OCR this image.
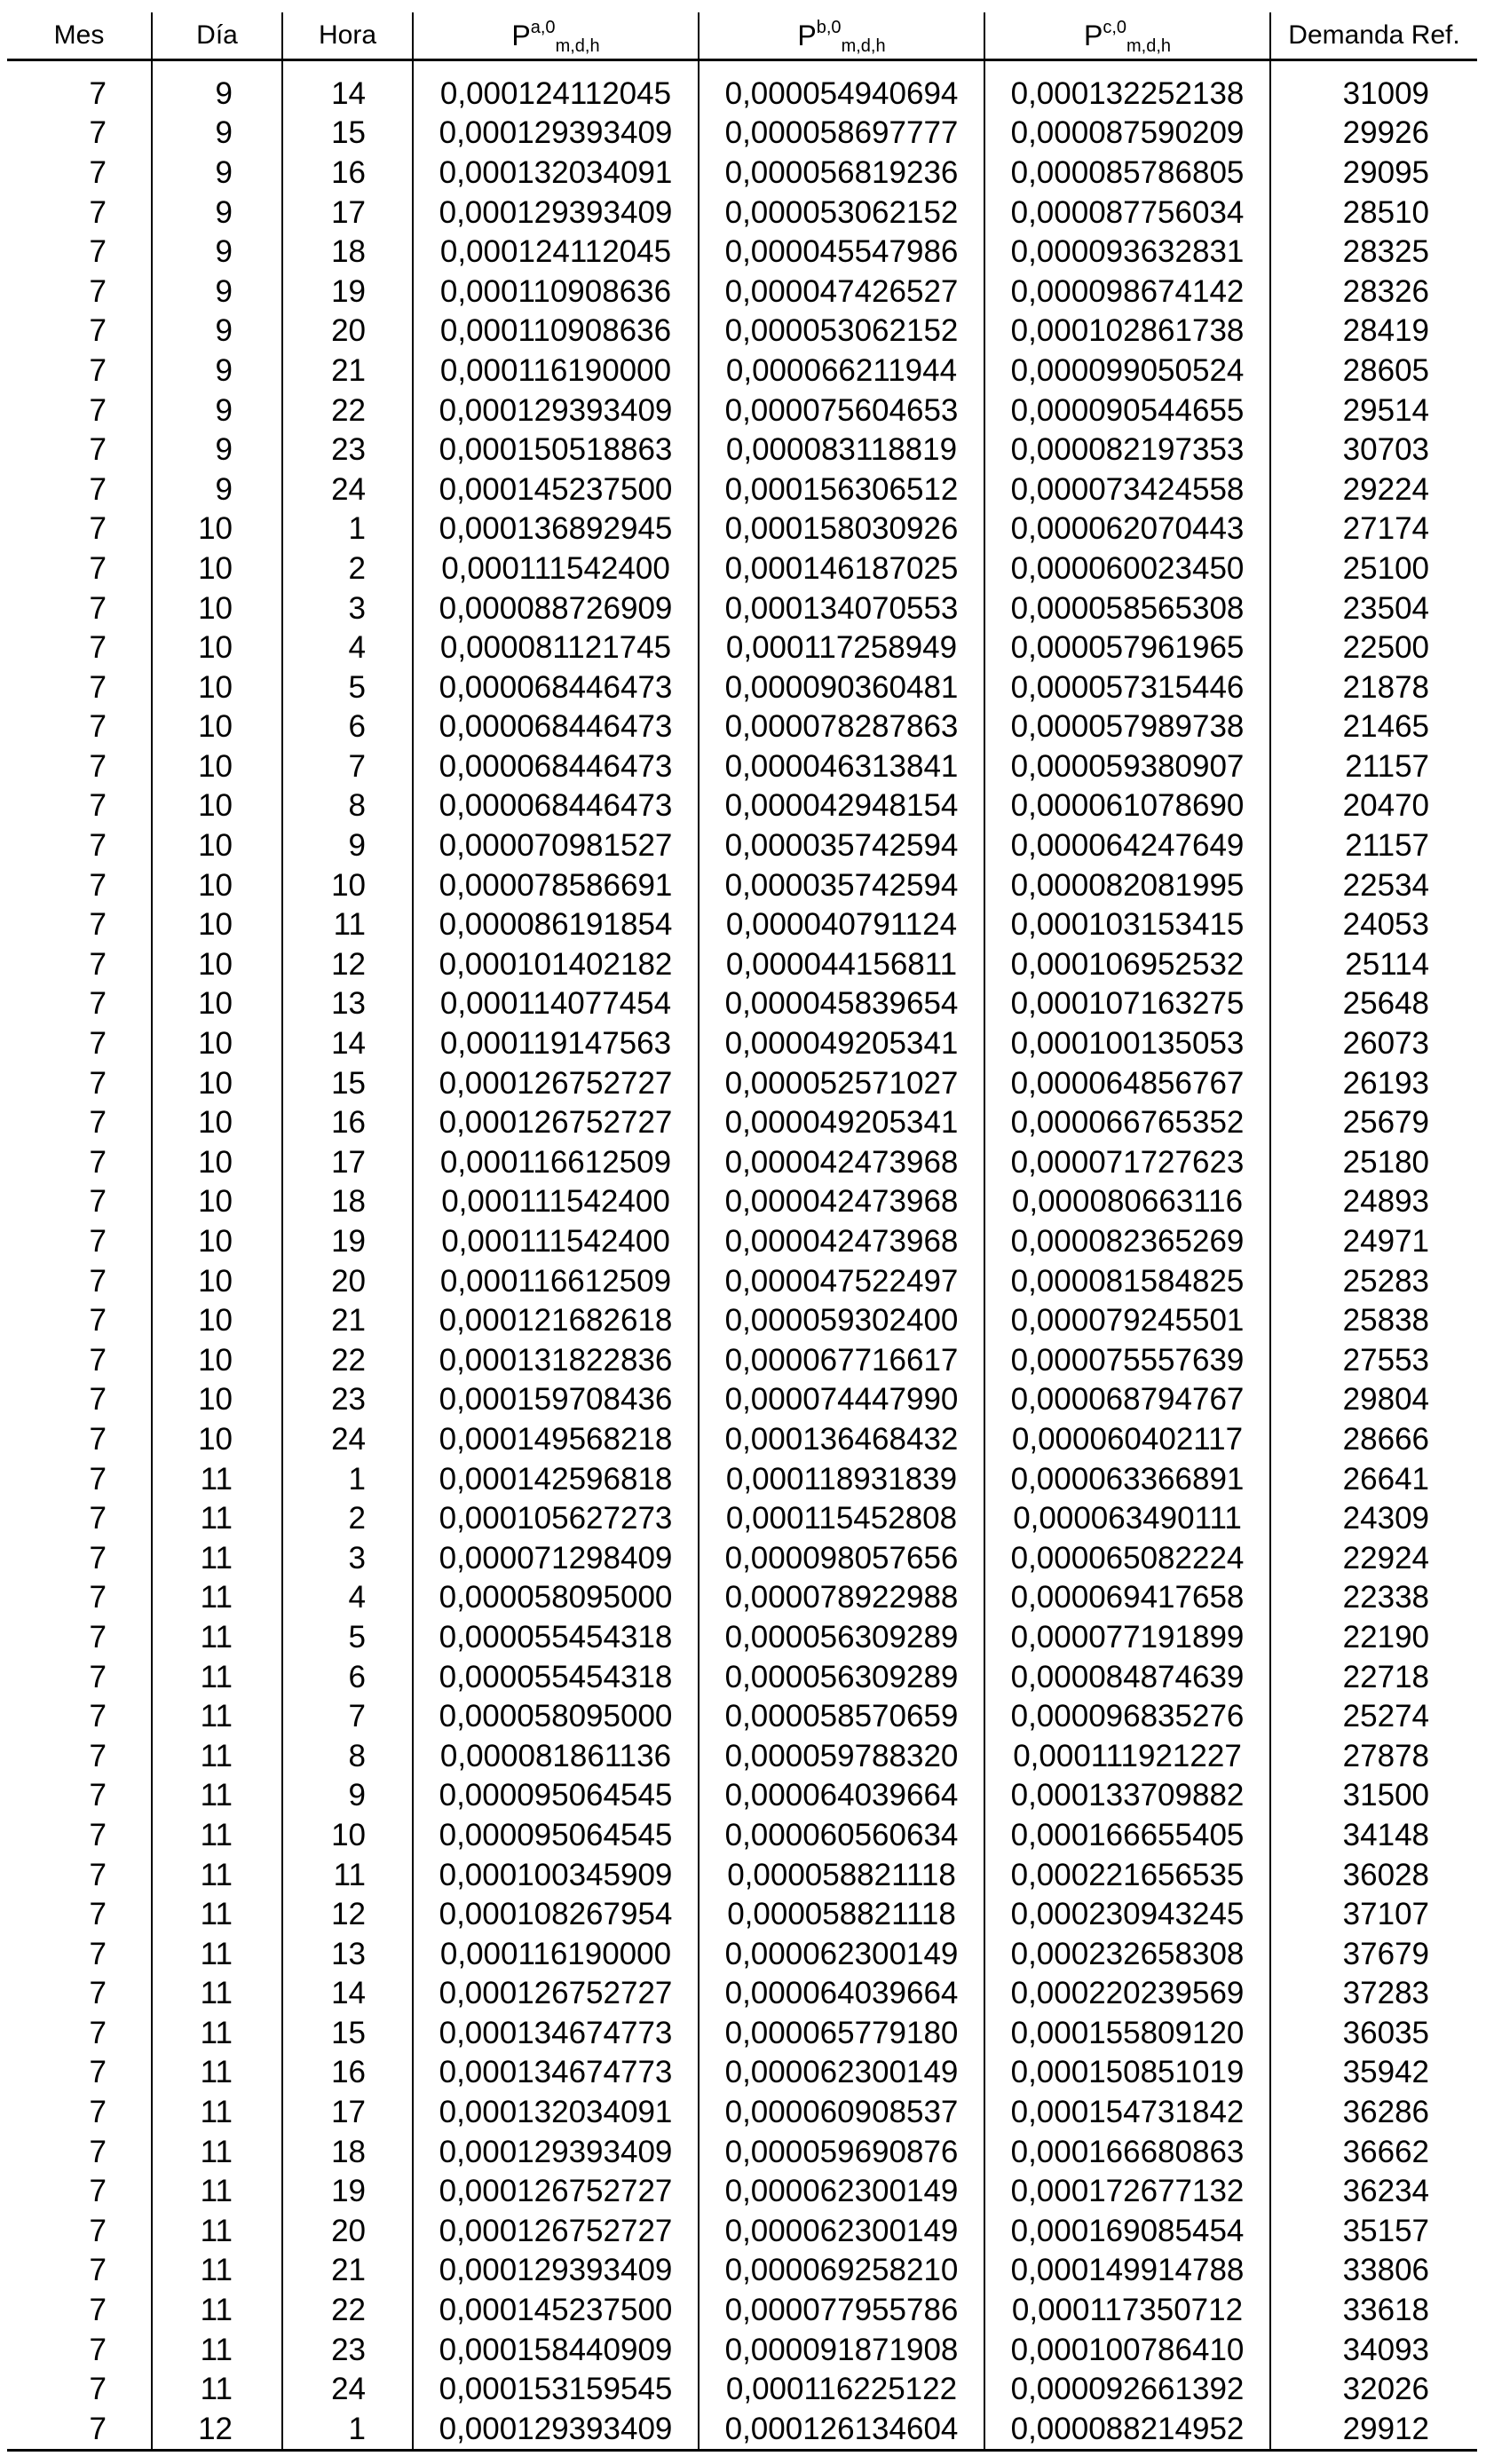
Mes	Día	Hora	P$^{a,0}_{m,d,h}$	P$^{b,0}_{m,d,h}$	P$^{c,0}_{m,d,h}$	Demanda Ref.
7	9	14	0,000124112045	0,000054940694	0,000132252138	31009
7	9	15	0,000129393409	0,000058697777	0,000087590209	29926
7	9	16	0,000132034091	0,000056819236	0,000085786805	29095
7	9	17	0,000129393409	0,000053062152	0,000087756034	28510
7	9	18	0,000124112045	0,000045547986	0,000093632831	28325
7	9	19	0,000110908636	0,000047426527	0,000098674142	28326
7	9	20	0,000110908636	0,000053062152	0,000102861738	28419
7	9	21	0,000116190000	0,000066211944	0,000099050524	28605
7	9	22	0,000129393409	0,000075604653	0,000090544655	29514
7	9	23	0,000150518863	0,000083118819	0,000082197353	30703
7	9	24	0,000145237500	0,000156306512	0,000073424558	29224
7	10	1	0,000136892945	0,000158030926	0,000062070443	27174
7	10	2	0,000111542400	0,000146187025	0,000060023450	25100
7	10	3	0,000088726909	0,000134070553	0,000058565308	23504
7	10	4	0,000081121745	0,000117258949	0,000057961965	22500
7	10	5	0,000068446473	0,000090360481	0,000057315446	21878
7	10	6	0,000068446473	0,000078287863	0,000057989738	21465
7	10	7	0,000068446473	0,000046313841	0,000059380907	21157
7	10	8	0,000068446473	0,000042948154	0,000061078690	20470
7	10	9	0,000070981527	0,000035742594	0,000064247649	21157
7	10	10	0,000078586691	0,000035742594	0,000082081995	22534
7	10	11	0,000086191854	0,000040791124	0,000103153415	24053
7	10	12	0,000101402182	0,000044156811	0,000106952532	25114
7	10	13	0,000114077454	0,000045839654	0,000107163275	25648
7	10	14	0,000119147563	0,000049205341	0,000100135053	26073
7	10	15	0,000126752727	0,000052571027	0,000064856767	26193
7	10	16	0,000126752727	0,000049205341	0,000066765352	25679
7	10	17	0,000116612509	0,000042473968	0,000071727623	25180
7	10	18	0,000111542400	0,000042473968	0,000080663116	24893
7	10	19	0,000111542400	0,000042473968	0,000082365269	24971
7	10	20	0,000116612509	0,000047522497	0,000081584825	25283
7	10	21	0,000121682618	0,000059302400	0,000079245501	25838
7	10	22	0,000131822836	0,000067716617	0,000075557639	27553
7	10	23	0,000159708436	0,000074447990	0,000068794767	29804
7	10	24	0,000149568218	0,000136468432	0,000060402117	28666
7	11	1	0,000142596818	0,000118931839	0,000063366891	26641
7	11	2	0,000105627273	0,000115452808	0,000063490111	24309
7	11	3	0,000071298409	0,000098057656	0,000065082224	22924
7	11	4	0,000058095000	0,000078922988	0,000069417658	22338
7	11	5	0,000055454318	0,000056309289	0,000077191899	22190
7	11	6	0,000055454318	0,000056309289	0,000084874639	22718
7	11	7	0,000058095000	0,000058570659	0,000096835276	25274
7	11	8	0,000081861136	0,000059788320	0,000111921227	27878
7	11	9	0,000095064545	0,000064039664	0,000133709882	31500
7	11	10	0,000095064545	0,000060560634	0,000166655405	34148
7	11	11	0,000100345909	0,000058821118	0,000221656535	36028
7	11	12	0,000108267954	0,000058821118	0,000230943245	37107
7	11	13	0,000116190000	0,000062300149	0,000232658308	37679
7	11	14	0,000126752727	0,000064039664	0,000220239569	37283
7	11	15	0,000134674773	0,000065779180	0,000155809120	36035
7	11	16	0,000134674773	0,000062300149	0,000150851019	35942
7	11	17	0,000132034091	0,000060908537	0,000154731842	36286
7	11	18	0,000129393409	0,000059690876	0,000166680863	36662
7	11	19	0,000126752727	0,000062300149	0,000172677132	36234
7	11	20	0,000126752727	0,000062300149	0,000169085454	35157
7	11	21	0,000129393409	0,000069258210	0,000149914788	33806
7	11	22	0,000145237500	0,000077955786	0,000117350712	33618
7	11	23	0,000158440909	0,000091871908	0,000100786410	34093
7	11	24	0,000153159545	0,000116225122	0,000092661392	32026
7	12	1	0,000129393409	0,000126134604	0,000088214952	29912
